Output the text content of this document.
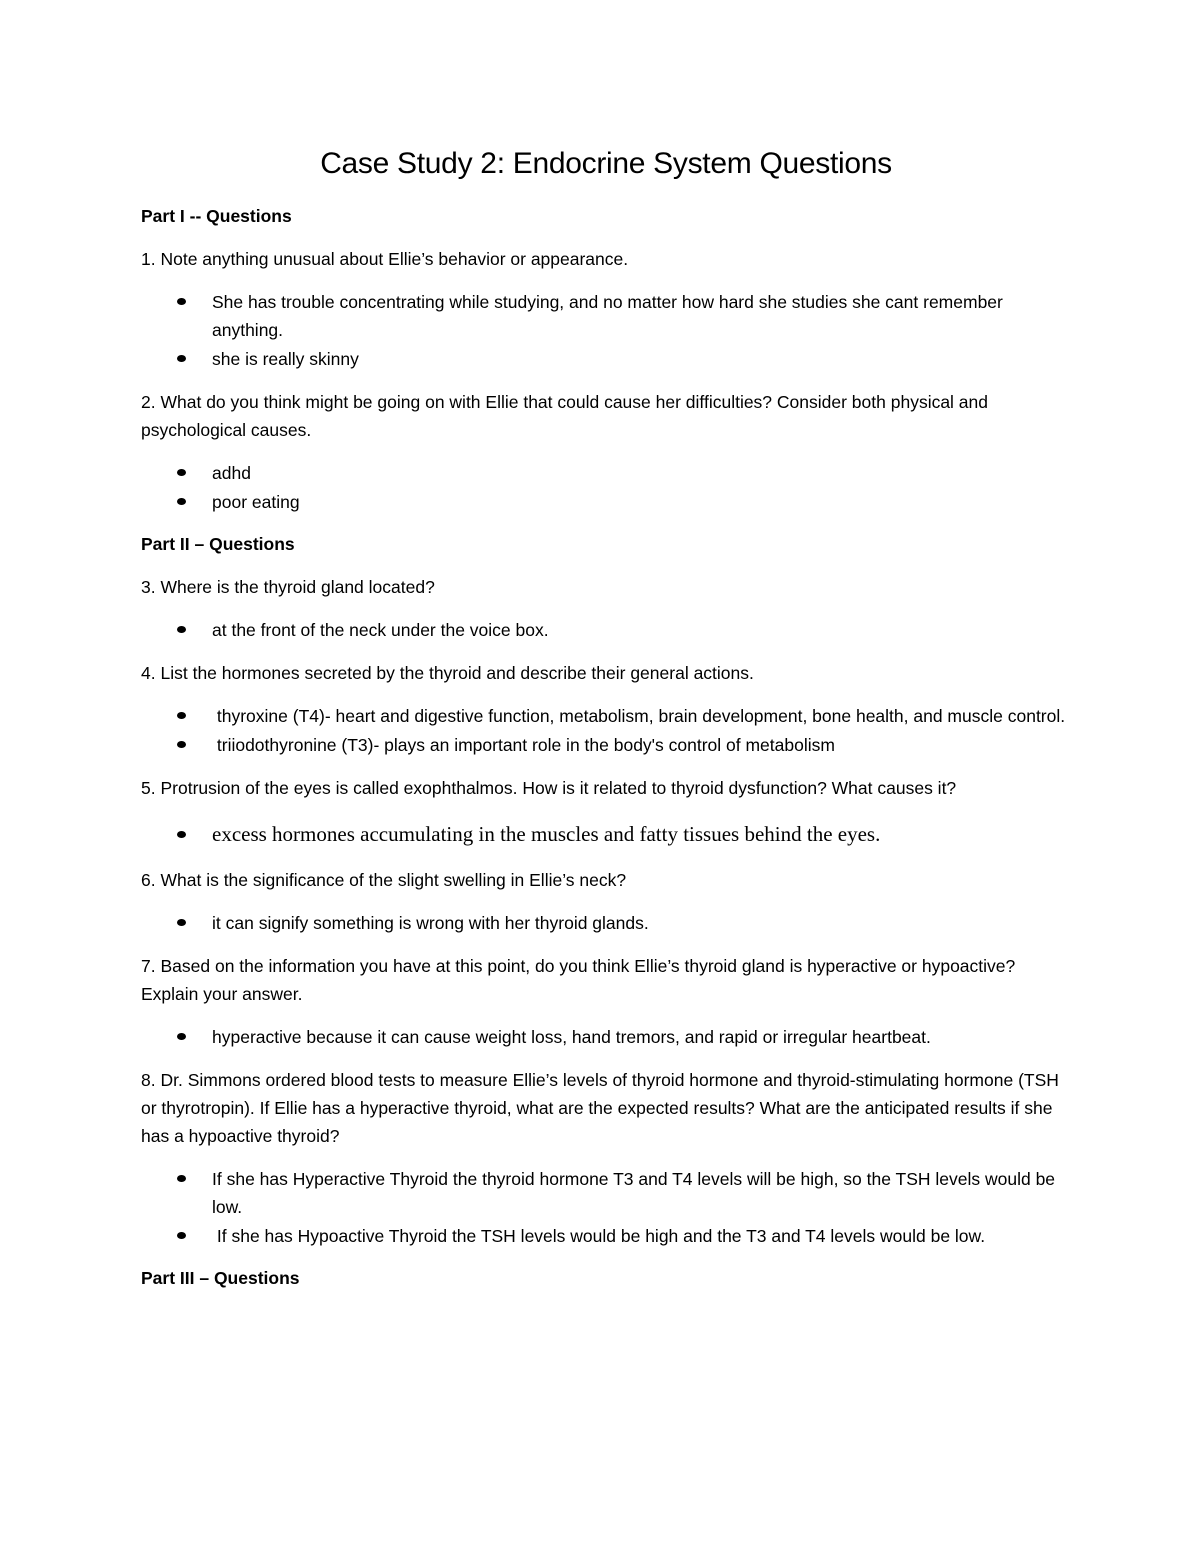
Case Study 2: Endocrine System Questions

Part I -- Questions

1. Note anything unusual about Ellie’s behavior or appearance.

She has trouble concentrating while studying, and no matter how hard she studies she cant remember anything.
she is really skinny

2. What do you think might be going on with Ellie that could cause her difficulties? Consider both physical and psychological causes.

adhd
poor eating

Part II – Questions

3. Where is the thyroid gland located?

at the front of the neck under the voice box.

4. List the hormones secreted by the thyroid and describe their general actions.

thyroxine (T4)- heart and digestive function, metabolism, brain development, bone health, and muscle control.
triiodothyronine (T3)- plays an important role in the body's control of metabolism

5. Protrusion of the eyes is called exophthalmos. How is it related to thyroid dysfunction? What causes it?

excess hormones accumulating in the muscles and fatty tissues behind the eyes.

6. What is the significance of the slight swelling in Ellie’s neck?

it can signify something is wrong with her thyroid glands.

7. Based on the information you have at this point, do you think Ellie’s thyroid gland is hyperactive or hypoactive? Explain your answer.

hyperactive because it can cause weight loss, hand tremors, and rapid or irregular heartbeat.

8. Dr. Simmons ordered blood tests to measure Ellie’s levels of thyroid hormone and thyroid-stimulating hormone (TSH or thyrotropin). If Ellie has a hyperactive thyroid, what are the expected results? What are the anticipated results if she has a hypoactive thyroid?

If she has Hyperactive Thyroid the thyroid hormone T3 and T4 levels will be high, so the TSH levels would be low.
If she has Hypoactive Thyroid the TSH levels would be high and the T3 and T4 levels would be low.

Part III – Questions
